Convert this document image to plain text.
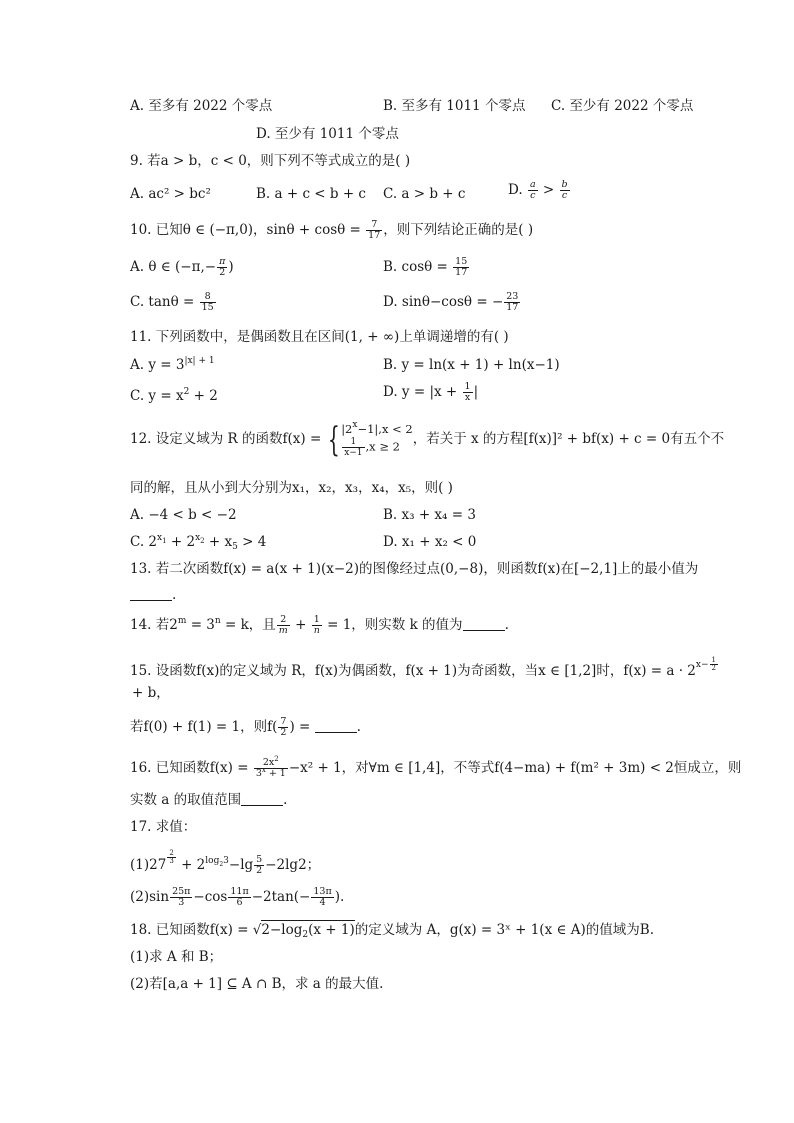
A. 至多有 2022 个零点	B. 至多有 1011 个零点 C. 至少有 2022 个零点
D. 至少有 1011 个零点
9. 若a > b，c < 0，则下列不等式成立的是( )
A. ac² > bc²	B. a + c < b + c C. a > b + c	D. $\frac{a}{c} > \frac{b}{c}$
10. 已知θ ∈ (−π,0)，$\sin\theta + \cos\theta = \frac{7}{17}$ ，则下列结论正确的是( )
A. θ ∈ ($-\pi,- \frac{\pi}{2}$ )	B. $\cos\theta = \frac{15}{17}$
C. $\tan\theta = \frac{8}{15}$	D. sinθ−cosθ = − $\frac{23}{17}$
11. 下列函数中，是偶函数且在区间(1, + ∞)上单调递增的有( )
A. $y = 3^{|x| + 1}$	B. y = ln(x + 1) + ln(x−1)
C. $y = x^2 + 2$	D. $y = |x + \frac{1}{x}$ |
12. 设定义域为 R 的函数f(x) = { $|2^x-1|,x < 2$

$\frac{1}{x-1} ,x \ge 2$ ，若关于 x 的方程[f(x)]² + bf(x) + c = 0有五个不
同的解，且从小到大分别为x₁，x₂，x₃，x₄，x₅，则( )
A. −4 < b < −2	B. x₃ + x₄ = 3
C. $2^{x_1} + 2^{x_2} + x_5 > 4$	D. x₁ + x₂ < 0
13. 若二次函数f(x) = a(x + 1)(x−2)的图像经过点(0,−8)，则函数f(x)在[−2,1]上的最小值为
.
14. 若$2^m = 3^n = k$，且 $\frac{2}{m} + \frac{1}{n} = 1$，则实数 k 的值为	.
15. 设函数f(x)的定义域为 R，f(x)为偶函数，f(x + 1)为奇函数，当x ∈ [1,2]时，$f(x) = a \cdot 2^{x- \frac{1}{2}}$
+ b，
若f(0) + f(1) = 1，则$f( \frac{7}{2}$ ) =	.
16. 已知函数$f(x) = \frac{2x^2}{3^x + 1} -x^2 + 1$，对∀m ∈ [1,4]，不等式f(4−ma) + f(m² + 3m) < 2恒成立，则
实数 a 的取值范围	.
17. 求值：
(1)27 $^{\frac{2}{3}} + 2^{log_23}-\lg \frac{5}{2} -2\lg 2$；
$(2)\sin \frac{25\pi}{3} -\cos \frac{11\pi}{6} -2\tan(- \frac{13\pi}{4}$ ).
18. 已知函数$f(x) = √2-\log_2(x + 1)$的定义域为 A，g(x) = 3ˣ + 1(x ∈ A)的值域为B.
(1)求 A 和 B；
(2)若[a,a + 1] ⊆ A ∩ B，求 a 的最大值.
